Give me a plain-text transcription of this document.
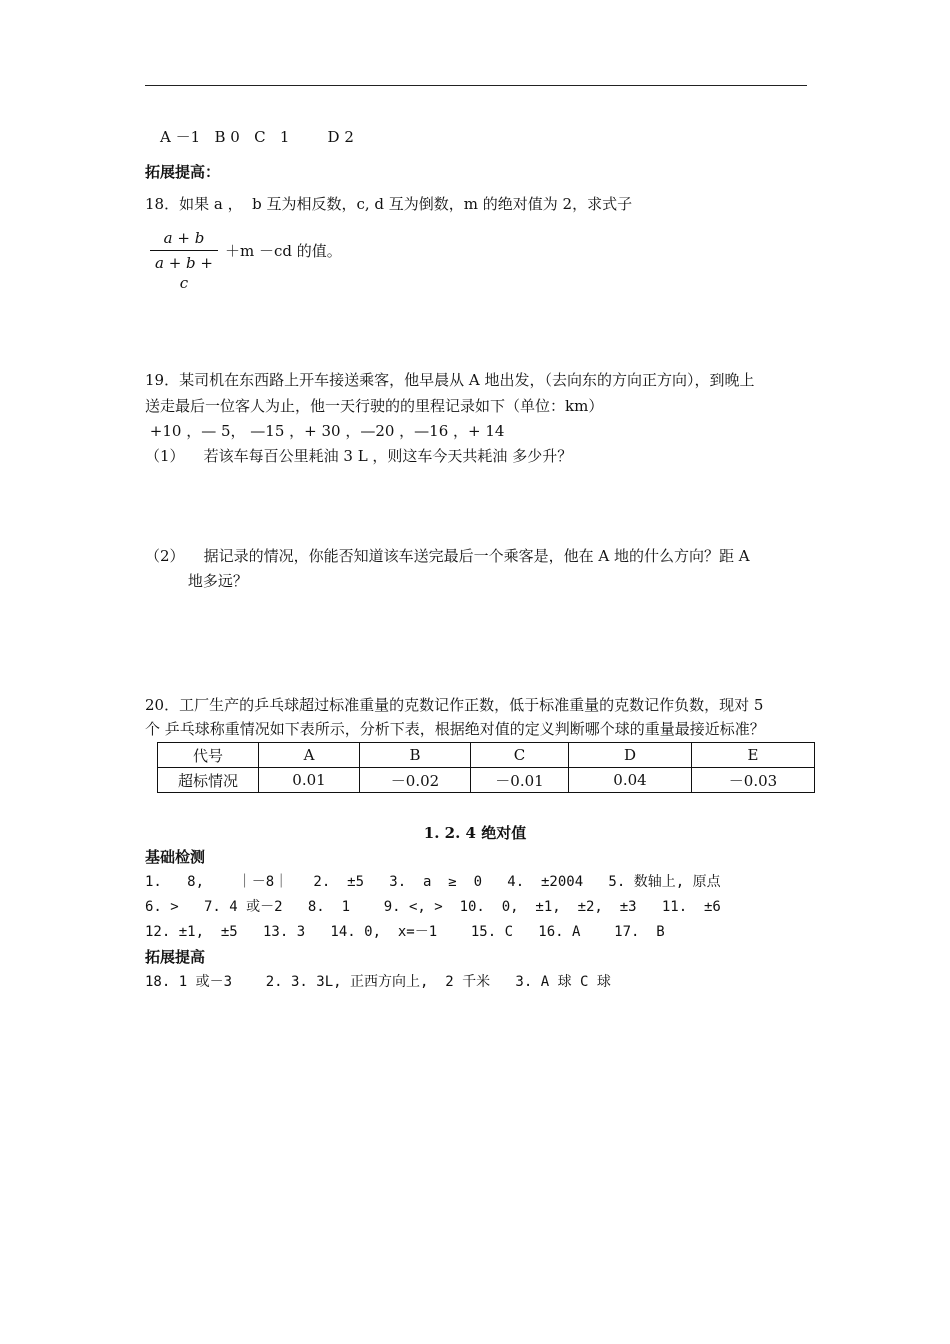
A －1   B 0   C   1        D 2
拓展提高：
18．如果 a ，  b 互为相反数，c, d 互为倒数，m 的绝对值为 2，求式子
a + b
a + b + c
＋m －cd 的值。
19．某司机在东西路上开车接送乘客，他早晨从 A 地出发，（去向东的方向正方向），到晚上
送走最后一位客人为止，他一天行驶的的里程记录如下（单位：km）
+10 ，— 5， —15 ，+ 30 ，—20 ，—16 ，+ 14
（1）    若该车每百公里耗油 3 L ，则这车今天共耗油 多少升？
（2）    据记录的情况，你能否知道该车送完最后一个乘客是，他在 A 地的什么方向？距 A
地多远？
20．工厂生产的乒乓球超过标准重量的克数记作正数，低于标准重量的克数记作负数，现对 5
个 乒乓球称重情况如下表所示，分析下表，根据绝对值的定义判断哪个球的重量最接近标准？
代号	A	B	C	D	E
超标情况	0.01	－0.02	－0.01	0.04	－0.03
1. 2. 4 绝对值
基础检测
1.   8,    ｜－8｜   2.  ±5   3.  a  ≥  0   4.  ±2004   5. 数轴上, 原点
6. >   7. 4 或－2   8.  1    9. <, >  10.  0,  ±1,  ±2,  ±3   11.  ±6
12. ±1,  ±5   13. 3   14. 0,  x=－1    15. C   16. A    17.  B
拓展提高
18. 1 或－3    2. 3. 3L, 正西方向上,  2 千米   3. A 球 C 球
